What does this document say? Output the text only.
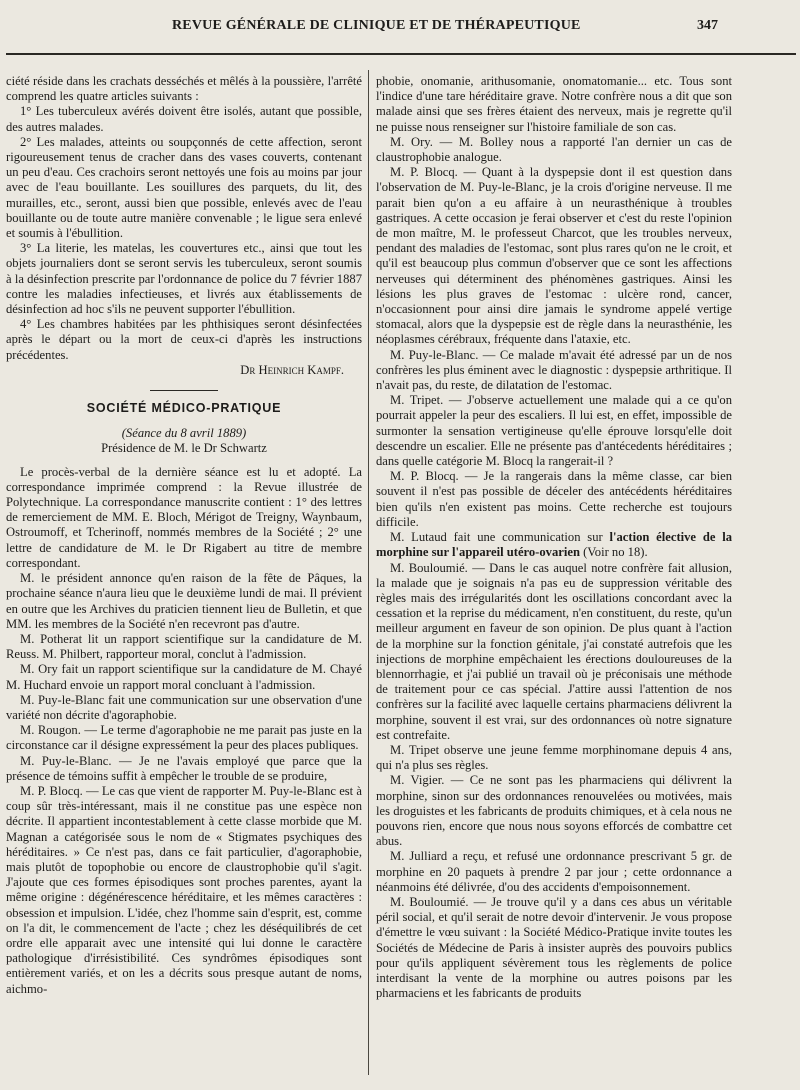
REVUE GÉNÉRALE DE CLINIQUE ET DE THÉRAPEUTIQUE	347

ciété réside dans les crachats desséchés et mêlés à la poussière, l'arrêté comprend les quatre articles suivants :

1° Les tuberculeux avérés doivent être isolés, autant que possible, des autres malades.

2° Les malades, atteints ou soupçonnés de cette affection, seront rigoureusement tenus de cracher dans des vases couverts, contenant un peu d'eau. Ces crachoirs seront nettoyés une fois au moins par jour avec de l'eau bouillante. Les souillures des parquets, du lit, des murailles, etc., seront, aussi bien que possible, enlevés avec de l'eau bouillante ou de toute autre manière convenable ; le ligue sera enlevé et soumis à l'ébullition.

3° La literie, les matelas, les couvertures etc., ainsi que tout les objets journaliers dont se seront servis les tuberculeux, seront soumis à la désinfection prescrite par l'ordonnance de police du 7 février 1887 contre les maladies infectieuses, et livrés aux établissements de désinfection ad hoc s'ils ne peuvent supporter l'ébullition.

4° Les chambres habitées par les phthisiques seront désinfectées après le départ ou la mort de ceux-ci d'après les instructions précédentes.

Dr Heinrich Kampf.

SOCIÉTÉ MÉDICO-PRATIQUE

(Séance du 8 avril 1889)

Présidence de M. le Dr Schwartz

Le procès-verbal de la dernière séance est lu et adopté. La correspondance imprimée comprend : la Revue illustrée de Polytechnique. La correspondance manuscrite contient : 1° des lettres de remerciement de MM. E. Bloch, Mérigot de Treigny, Waynbaum, Ostroumoff, et Tcherinoff, nommés membres de la Société ; 2° une lettre de candidature de M. le Dr Rigabert au titre de membre correspondant.

M. le président annonce qu'en raison de la fête de Pâques, la prochaine séance n'aura lieu que le deuxième lundi de mai. Il prévient en outre que les Archives du praticien tiennent lieu de Bulletin, et que MM. les membres de la Société n'en recevront pas d'autre.

M. Potherat lit un rapport scientifique sur la candidature de M. Reuss. M. Philbert, rapporteur moral, conclut à l'admission.

M. Ory fait un rapport scientifique sur la candidature de M. Chayé M. Huchard envoie un rapport moral concluant à l'admission.

M. Puy-le-Blanc fait une communication sur une observation d'une variété non décrite d'agoraphobie.

M. Rougon. — Le terme d'agoraphobie ne me parait pas juste en la circonstance car il désigne expressément la peur des places publiques.

M. Puy-le-Blanc. — Je ne l'avais employé que parce que la présence de témoins suffit à empêcher le trouble de se produire,

M. P. Blocq. — Le cas que vient de rapporter M. Puy-le-Blanc est à coup sûr très-intéressant, mais il ne constitue pas une espèce non décrite. Il appartient incontestablement à cette classe morbide que M. Magnan a catégorisée sous le nom de « Stigmates psychiques des héréditaires. » Ce n'est pas, dans ce fait particulier, d'agoraphobie, mais plutôt de topophobie ou encore de claustrophobie qu'il s'agit. J'ajoute que ces formes épisodiques sont proches parentes, ayant la même origine : dégénérescence héréditaire, et les mêmes caractères : obsession et impulsion. L'idée, chez l'homme sain d'esprit, est, comme on l'a dit, le commencement de l'acte ; chez les déséquilibrés de cet ordre elle apparait avec une intensité qui lui donne le caractère pathologique d'irrésistibilité. Ces syndrômes épisodiques sont entièrement variés, et on les a décrits sous presque autant de noms, aichmo-

phobie, onomanie, arithusomanie, onomatomanie... etc. Tous sont l'indice d'une tare héréditaire grave. Notre confrère nous a dit que son malade ainsi que ses frères étaient des nerveux, mais je regrette qu'il ne puisse nous renseigner sur l'histoire familiale de son cas.

M. Ory. — M. Bolley nous a rapporté l'an dernier un cas de claustrophobie analogue.

M. P. Blocq. — Quant à la dyspepsie dont il est question dans l'observation de M. Puy-le-Blanc, je la crois d'origine nerveuse. Il me parait bien qu'on a eu affaire à un neurasthénique à troubles gastriques. A cette occasion je ferai observer et c'est du reste l'opinion de mon maître, M. le professeut Charcot, que les troubles nerveux, pendant des maladies de l'estomac, sont plus rares qu'on ne le croit, et qu'il est beaucoup plus commun d'observer que ce sont les affections nerveuses qui déterminent des phénomènes gastriques. Ainsi les lésions les plus graves de l'estomac : ulcère rond, cancer, n'occasionnent pour ainsi dire jamais le syndrome appelé vertige stomacal, alors que la dyspepsie est de règle dans la neurasthénie, les néoplasmes cérébraux, fréquente dans l'ataxie, etc.

M. Puy-le-Blanc. — Ce malade m'avait été adressé par un de nos confrères les plus éminent avec le diagnostic : dyspepsie arthritique. Il n'avait pas, du reste, de dilatation de l'estomac.

M. Tripet. — J'observe actuellement une malade qui a ce qu'on pourrait appeler la peur des escaliers. Il lui est, en effet, impossible de surmonter la sensation vertigineuse qu'elle éprouve lorsqu'elle doit descendre un escalier. Elle ne présente pas d'antécedents héréditaires ; dans quelle catégorie M. Blocq la rangerait-il ?

M. P. Blocq. — Je la rangerais dans la même classe, car bien souvent il n'est pas possible de déceler des antécédents héréditaires bien qu'ils n'en existent pas moins. Cette recherche est toujours difficile.

M. Lutaud fait une communication sur l'action élective de la morphine sur l'appareil utéro-ovarien (Voir no 18).

M. Bouloumié. — Dans le cas auquel notre confrère fait allusion, la malade que je soignais n'a pas eu de suppression véritable des règles mais des irrégularités dont les oscillations concordant avec la cessation et la reprise du médicament, n'en constituent, du reste, qu'un meilleur argument en faveur de son opinion. De plus quant à l'action de la morphine sur la fonction génitale, j'ai constaté autrefois que les injections de morphine empêchaient les érections douloureuses de la blennorrhagie, et j'ai publié un travail où je préconisais une méthode de traitement pour ce cas spécial. J'attire aussi l'attention de nos confrères sur la facilité avec laquelle certains pharmaciens délivrent la morphine, souvent il est vrai, sur des ordonnances où notre signature est contrefaite.

M. Tripet observe une jeune femme morphinomane depuis 4 ans, qui n'a plus ses règles.

M. Vigier. — Ce ne sont pas les pharmaciens qui délivrent la morphine, sinon sur des ordonnances renouvelées ou motivées, mais les droguistes et les fabricants de produits chimiques, et à cela nous ne pouvons rien, encore que nous nous soyons efforcés de combattre cet abus.

M. Julliard a reçu, et refusé une ordonnance prescrivant 5 gr. de morphine en 20 paquets à prendre 2 par jour ; cette ordonnance a néanmoins été délivrée, d'ou des accidents d'empoisonnement.

M. Bouloumié. — Je trouve qu'il y a dans ces abus un véritable péril social, et qu'il serait de notre devoir d'intervenir. Je vous propose d'émettre le vœu suivant : la Société Médico-Pratique invite toutes les Sociétés de Médecine de Paris à insister auprès des pouvoirs publics pour qu'ils appliquent sévèrement tous les règlements de police interdisant la vente de la morphine ou autres poisons par les pharmaciens et les fabricants de produits
